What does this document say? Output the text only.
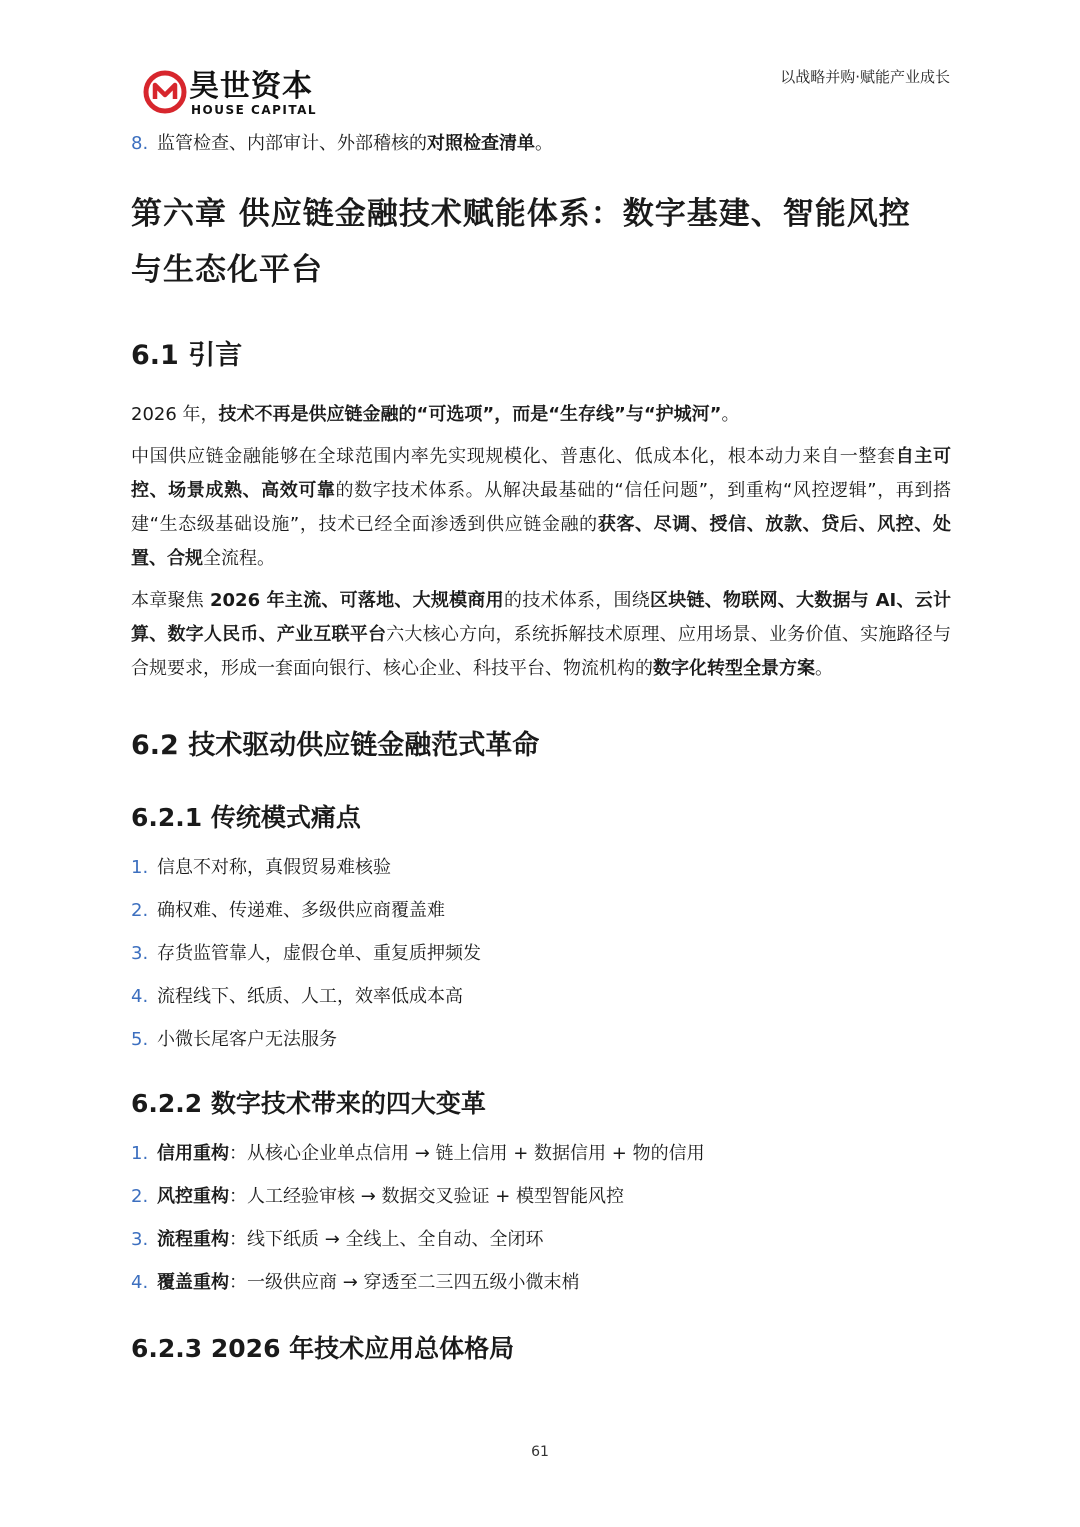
昊世资本
HOUSE CAPITAL
以战略并购·赋能产业成长

8. 监管检查、内部审计、外部稽核的对照检查清单。

第六章 供应链金融技术赋能体系：数字基建、智能风控
与生态化平台
6.1 引言

2026 年，技术不再是供应链金融的“可选项”，而是“生存线”与“护城河”。

中国供应链金融能够在全球范围内率先实现规模化、普惠化、低成本化，根本动力来自一整套自主可控、场景成熟、高效可靠的数字技术体系。从解决最基础的“信任问题”，到重构“风控逻辑”，再到搭建“生态级基础设施”，技术已经全面渗透到供应链金融的获客、尽调、授信、放款、贷后、风控、处置、合规全流程。

本章聚焦 2026 年主流、可落地、大规模商用的技术体系，围绕区块链、物联网、大数据与 AI、云计算、数字人民币、产业互联平台六大核心方向，系统拆解技术原理、应用场景、业务价值、实施路径与合规要求，形成一套面向银行、核心企业、科技平台、物流机构的数字化转型全景方案。

6.2 技术驱动供应链金融范式革命
6.2.1 传统模式痛点

1. 信息不对称，真假贸易难核验

2. 确权难、传递难、多级供应商覆盖难

3. 存货监管靠人，虚假仓单、重复质押频发

4. 流程线下、纸质、人工，效率低成本高

5. 小微长尾客户无法服务

6.2.2 数字技术带来的四大变革

1. 信用重构：从核心企业单点信用 → 链上信用 + 数据信用 + 物的信用

2. 风控重构：人工经验审核 → 数据交叉验证 + 模型智能风控

3. 流程重构：线下纸质 → 全线上、全自动、全闭环

4. 覆盖重构：一级供应商 → 穿透至二三四五级小微末梢

6.2.3 2026 年技术应用总体格局
61
